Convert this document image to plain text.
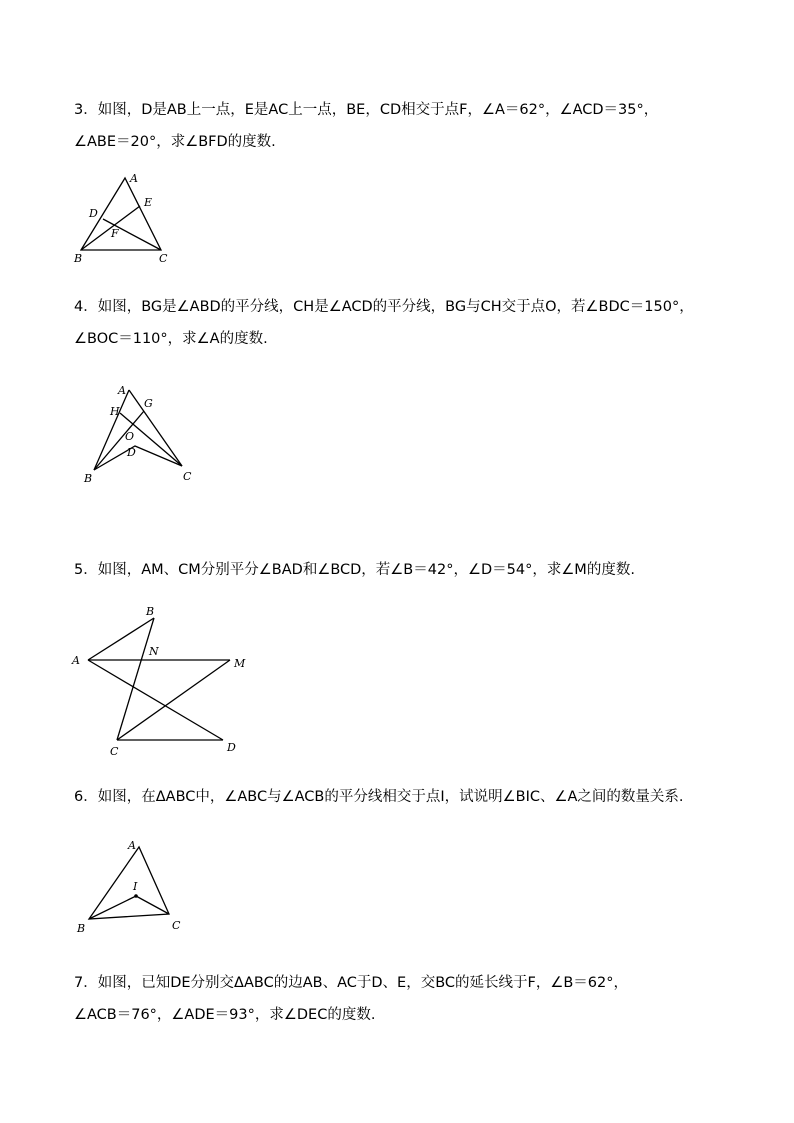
3．如图，D是AB上一点，E是AC上一点，BE，CD相交于点F，∠A＝62°，∠ACD＝35°，
∠ABE＝20°，求∠BFD的度数.
A
E
D
F
B	C
4．如图，BG是∠ABD的平分线，CH是∠ACD的平分线，BG与CH交于点O，若∠BDC＝150°，
∠BOC＝110°，求∠A的度数.
A
G
H
O
D
B	C
5．如图，AM、CM分别平分∠BAD和∠BCD，若∠B＝42°，∠D＝54°，求∠M的度数.
B
N
A	M
C	D
6．如图，在ΔABC中，∠ABC与∠ACB的平分线相交于点I，试说明∠BIC、∠A之间的数量关系.
A
I
B	C
7．如图，已知DE分别交ΔABC的边AB、AC于D、E，交BC的延长线于F，∠B＝62°，
∠ACB＝76°，∠ADE＝93°，求∠DEC的度数.
